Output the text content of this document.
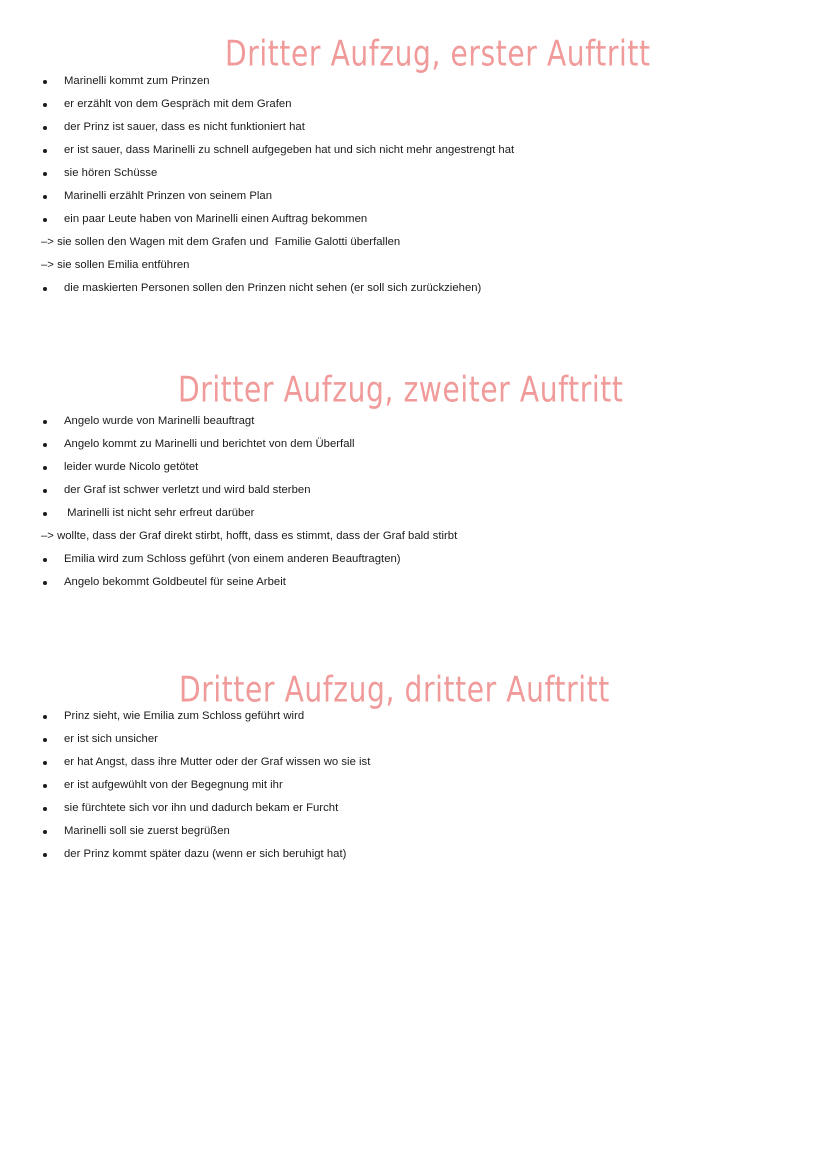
Dritter Aufzug, erster Auftritt
Marinelli kommt zum Prinzen
er erzählt von dem Gespräch mit dem Grafen
der Prinz ist sauer, dass es nicht funktioniert hat
er ist sauer, dass Marinelli zu schnell aufgegeben hat und sich nicht mehr angestrengt hat
sie hören Schüsse
Marinelli erzählt Prinzen von seinem Plan
ein paar Leute haben von Marinelli einen Auftrag bekommen
–> sie sollen den Wagen mit dem Grafen und  Familie Galotti überfallen
–> sie sollen Emilia entführen
die maskierten Personen sollen den Prinzen nicht sehen (er soll sich zurückziehen)
Dritter Aufzug, zweiter Auftritt
Angelo wurde von Marinelli beauftragt
Angelo kommt zu Marinelli und berichtet von dem Überfall
leider wurde Nicolo getötet
der Graf ist schwer verletzt und wird bald sterben
Marinelli ist nicht sehr erfreut darüber
–> wollte, dass der Graf direkt stirbt, hofft, dass es stimmt, dass der Graf bald stirbt
Emilia wird zum Schloss geführt (von einem anderen Beauftragten)
Angelo bekommt Goldbeutel für seine Arbeit
Dritter Aufzug, dritter Auftritt
Prinz sieht, wie Emilia zum Schloss geführt wird
er ist sich unsicher
er hat Angst, dass ihre Mutter oder der Graf wissen wo sie ist
er ist aufgewühlt von der Begegnung mit ihr
sie fürchtete sich vor ihn und dadurch bekam er Furcht
Marinelli soll sie zuerst begrüßen
der Prinz kommt später dazu (wenn er sich beruhigt hat)
